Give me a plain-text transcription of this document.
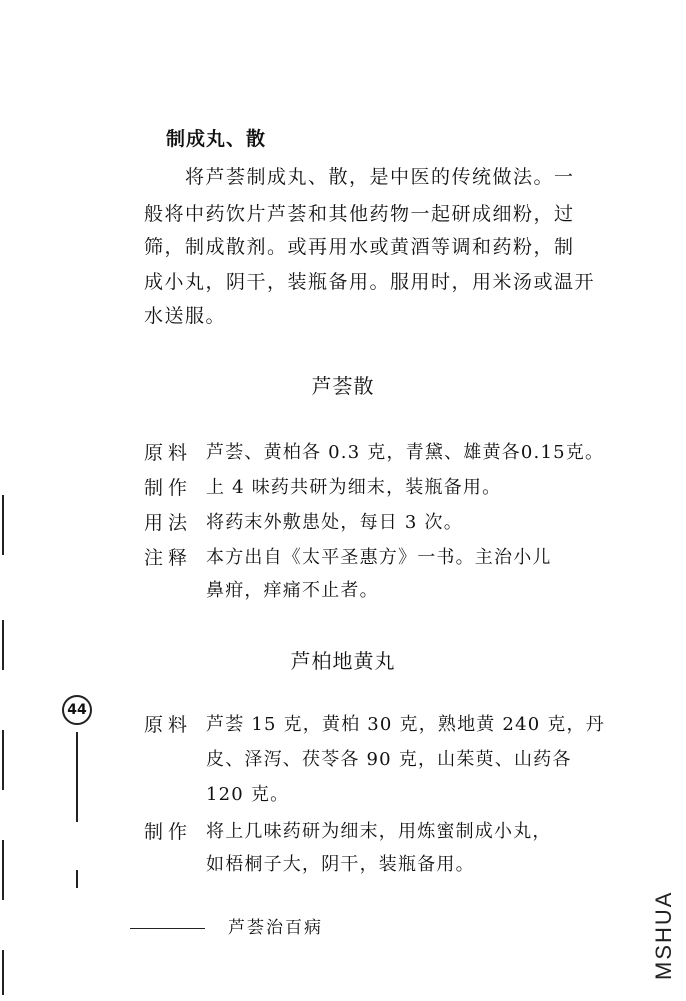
制成丸、散
将芦荟制成丸、散，是中医的传统做法。一
般将中药饮片芦荟和其他药物一起研成细粉，过
筛，制成散剂。或再用水或黄酒等调和药粉，制
成小丸，阴干，装瓶备用。服用时，用米汤或温开
水送服。
芦荟散
原料 芦荟、黄柏各 0.3 克，青黛、雄黄各0.15克。
制作 上 4 味药共研为细末，装瓶备用。
用法 将药末外敷患处，每日 3 次。
注释 本方出自《太平圣惠方》一书。主治小儿
鼻疳，痒痛不止者。
芦柏地黄丸
原料 芦荟 15 克，黄柏 30 克，熟地黄 240 克，丹
皮、泽泻、茯苓各 90 克，山茱萸、山药各
120 克。
制作 将上几味药研为细末，用炼蜜制成小丸，
如梧桐子大，阴干，装瓶备用。
44
芦荟治百病	MSHUA
